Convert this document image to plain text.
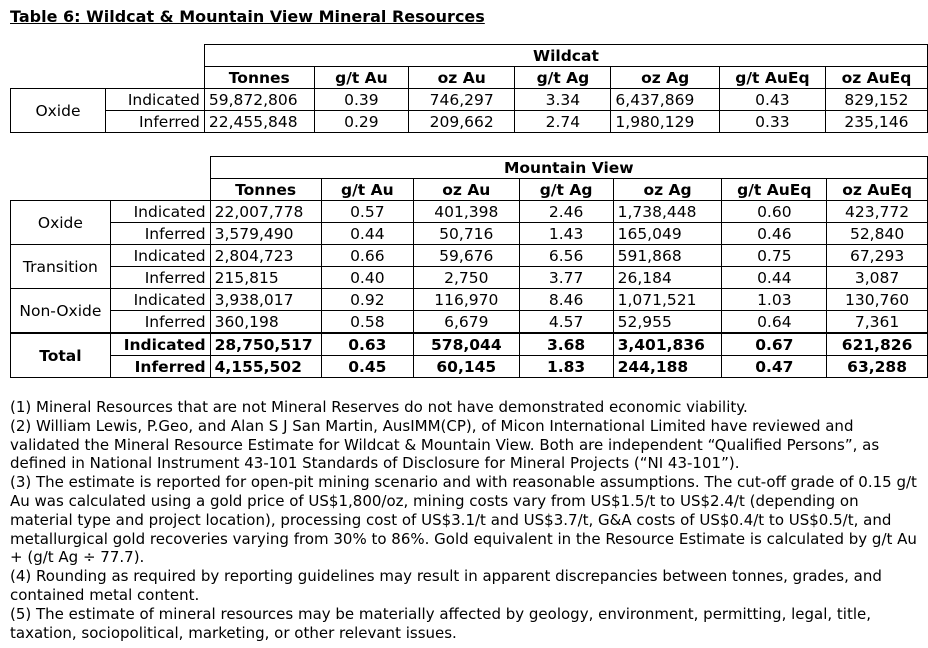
Table 6: Wildcat & Mountain View Mineral Resources
		Wildcat						
		Tonnes	g/t Au	oz Au	g/t Ag	oz Ag	g/t AuEq	oz AuEq
Oxide	Indicated	59,872,806	0.39	746,297	3.34	6,437,869	0.43	829,152
	Inferred	22,455,848	0.29	209,662	2.74	1,980,129	0.33	235,146
		Mountain View						
		Tonnes	g/t Au	oz Au	g/t Ag	oz Ag	g/t AuEq	oz AuEq
Oxide	Indicated	22,007,778	0.57	401,398	2.46	1,738,448	0.60	423,772
	Inferred	3,579,490	0.44	50,716	1.43	165,049	0.46	52,840
Transition	Indicated	2,804,723	0.66	59,676	6.56	591,868	0.75	67,293
	Inferred	215,815	0.40	2,750	3.77	26,184	0.44	3,087
Non-Oxide	Indicated	3,938,017	0.92	116,970	8.46	1,071,521	1.03	130,760
	Inferred	360,198	0.58	6,679	4.57	52,955	0.64	7,361
Total	Indicated	28,750,517	0.63	578,044	3.68	3,401,836	0.67	621,826
	Inferred	4,155,502	0.45	60,145	1.83	244,188	0.47	63,288

(1) Mineral Resources that are not Mineral Reserves do not have demonstrated economic viability.

(2) William Lewis, P.Geo, and Alan S J San Martin, AusIMM(CP), of Micon International Limited have reviewed and validated the Mineral Resource Estimate for Wildcat & Mountain View. Both are independent “Qualified Persons”, as defined in National Instrument 43-101 Standards of Disclosure for Mineral Projects (“NI 43-101”).

(3) The estimate is reported for open-pit mining scenario and with reasonable assumptions. The cut-off grade of 0.15 g/t Au was calculated using a gold price of US$1,800/oz, mining costs vary from US$1.5/t to US$2.4/t (depending on material type and project location), processing cost of US$3.1/t and US$3.7/t, G&A costs of US$0.4/t to US$0.5/t, and metallurgical gold recoveries varying from 30% to 86%. Gold equivalent in the Resource Estimate is calculated by g/t Au + (g/t Ag ÷ 77.7).

(4) Rounding as required by reporting guidelines may result in apparent discrepancies between tonnes, grades, and contained metal content.

(5) The estimate of mineral resources may be materially affected by geology, environment, permitting, legal, title, taxation, sociopolitical, marketing, or other relevant issues.
